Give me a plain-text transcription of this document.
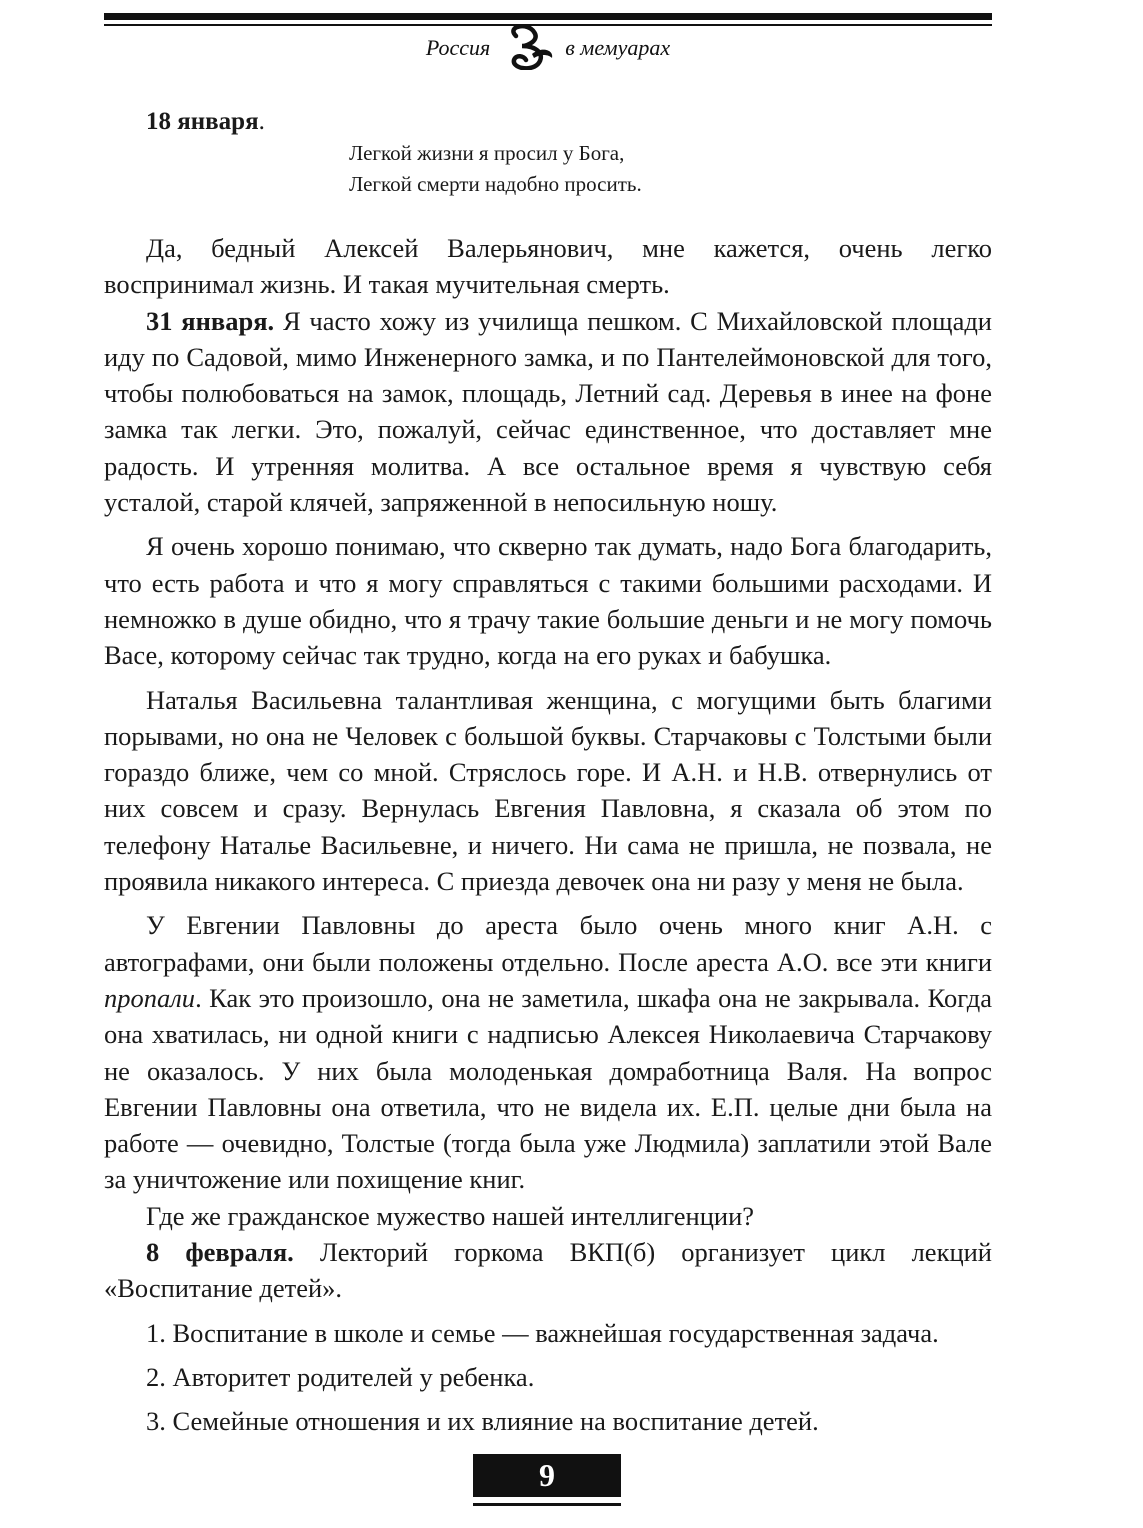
Россия	в мемуарах
18 января.
Легкой жизни я просил у Бога,
Легкой смерти надобно просить.

Да, бедный Алексей Валерьянович, мне кажется, очень легко воспринимал жизнь. И такая мучительная смерть.

31 января. Я часто хожу из училища пешком. С Михайловской площади иду по Садовой, мимо Инженерного замка, и по Пантелеймоновской для того, чтобы полюбоваться на замок, площадь, Летний сад. Деревья в инее на фоне замка так легки. Это, пожалуй, сейчас единственное, что доставляет мне радость. И утренняя молитва. А все остальное время я чувствую себя усталой, старой клячей, запряженной в непосильную ношу.

Я очень хорошо понимаю, что скверно так думать, надо Бога благодарить, что есть работа и что я могу справляться с такими большими расходами. И немножко в душе обидно, что я трачу такие большие деньги и не могу помочь Васе, которому сейчас так трудно, когда на его руках и бабушка.

Наталья Васильевна талантливая женщина, с могущими быть благими порывами, но она не Человек с большой буквы. Старчаковы с Толстыми были гораздо ближе, чем со мной. Стряслось горе. И А.Н. и Н.В. отвернулись от них совсем и сразу. Вернулась Евгения Павловна, я сказала об этом по телефону Наталье Васильевне, и ничего. Ни сама не пришла, не позвала, не проявила никакого интереса. С приезда девочек она ни разу у меня не была.

У Евгении Павловны до ареста было очень много книг А.Н. с автографами, они были положены отдельно. После ареста А.О. все эти книги пропали. Как это произошло, она не заметила, шкафа она не закрывала. Когда она хватилась, ни одной книги с надписью Алексея Николаевича Старчакову не оказалось. У них была молоденькая домработница Валя. На вопрос Евгении Павловны она ответила, что не видела их. Е.П. целые дни была на работе — очевидно, Толстые (тогда была уже Людмила) заплатили этой Вале за уничтожение или похищение книг.

Где же гражданское мужество нашей интеллигенции?

8 февраля. Лекторий горкома ВКП(б) организует цикл лекций «Воспитание детей».

1. Воспитание в школе и семье — важнейшая государственная задача.

2. Авторитет родителей у ребенка.

3. Семейные отношения и их влияние на воспитание детей.

9
